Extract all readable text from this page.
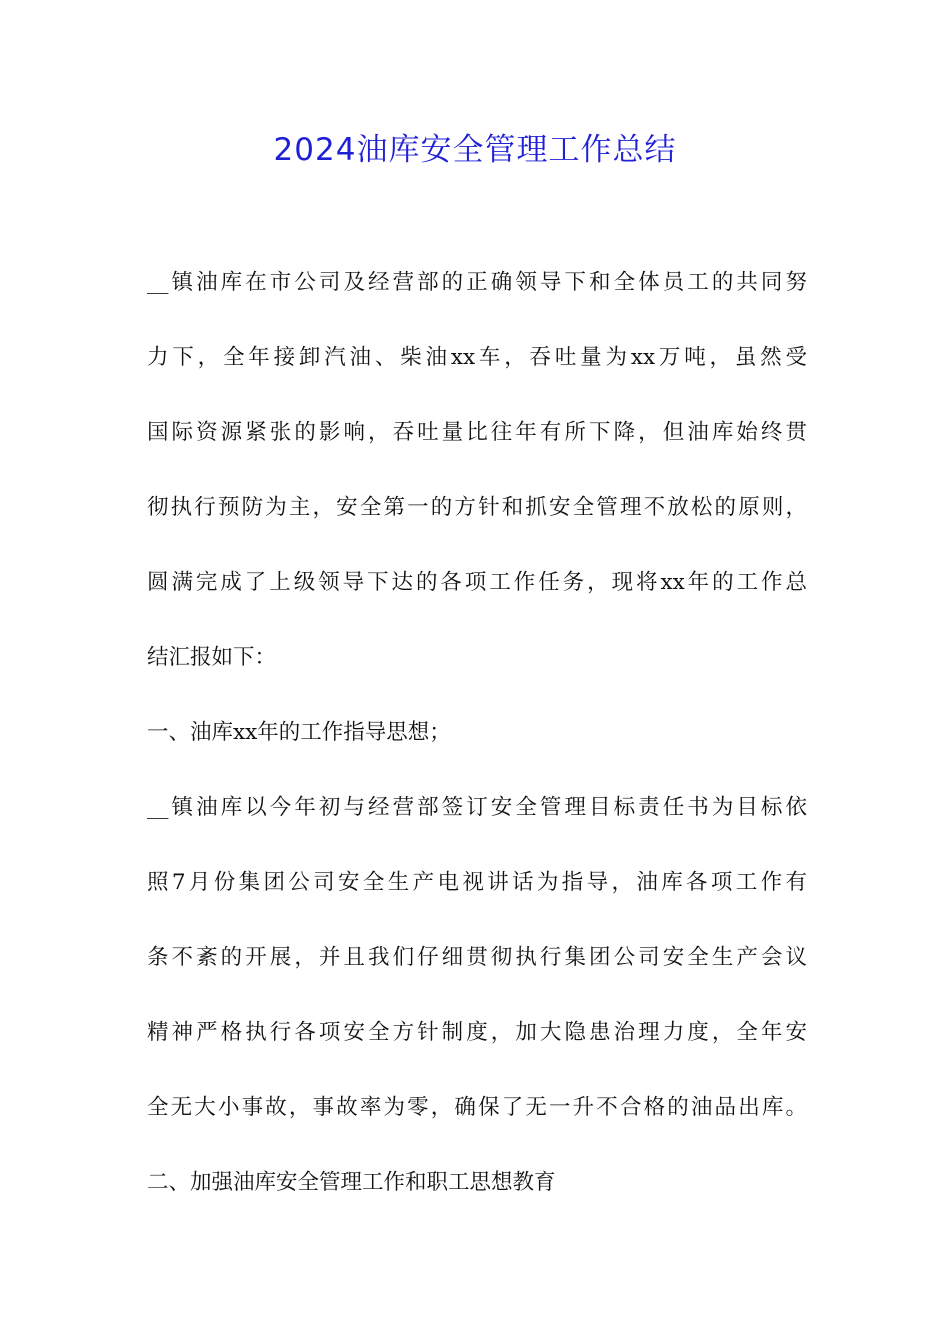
2024油库安全管理工作总结
__镇油库在市公司及经营部的正确领导下和全体员工的共同努
力下，全年接卸汽油、柴油xx车，吞吐量为xx万吨，虽然受
国际资源紧张的影响，吞吐量比往年有所下降，但油库始终贯
彻执行预防为主，安全第一的方针和抓安全管理不放松的原则，
圆满完成了上级领导下达的各项工作任务，现将xx年的工作总
结汇报如下：
一、油库xx年的工作指导思想；
__镇油库以今年初与经营部签订安全管理目标责任书为目标依
照7月份集团公司安全生产电视讲话为指导，油库各项工作有
条不紊的开展，并且我们仔细贯彻执行集团公司安全生产会议
精神严格执行各项安全方针制度，加大隐患治理力度，全年安
全无大小事故，事故率为零，确保了无一升不合格的油品出库。
二、加强油库安全管理工作和职工思想教育
